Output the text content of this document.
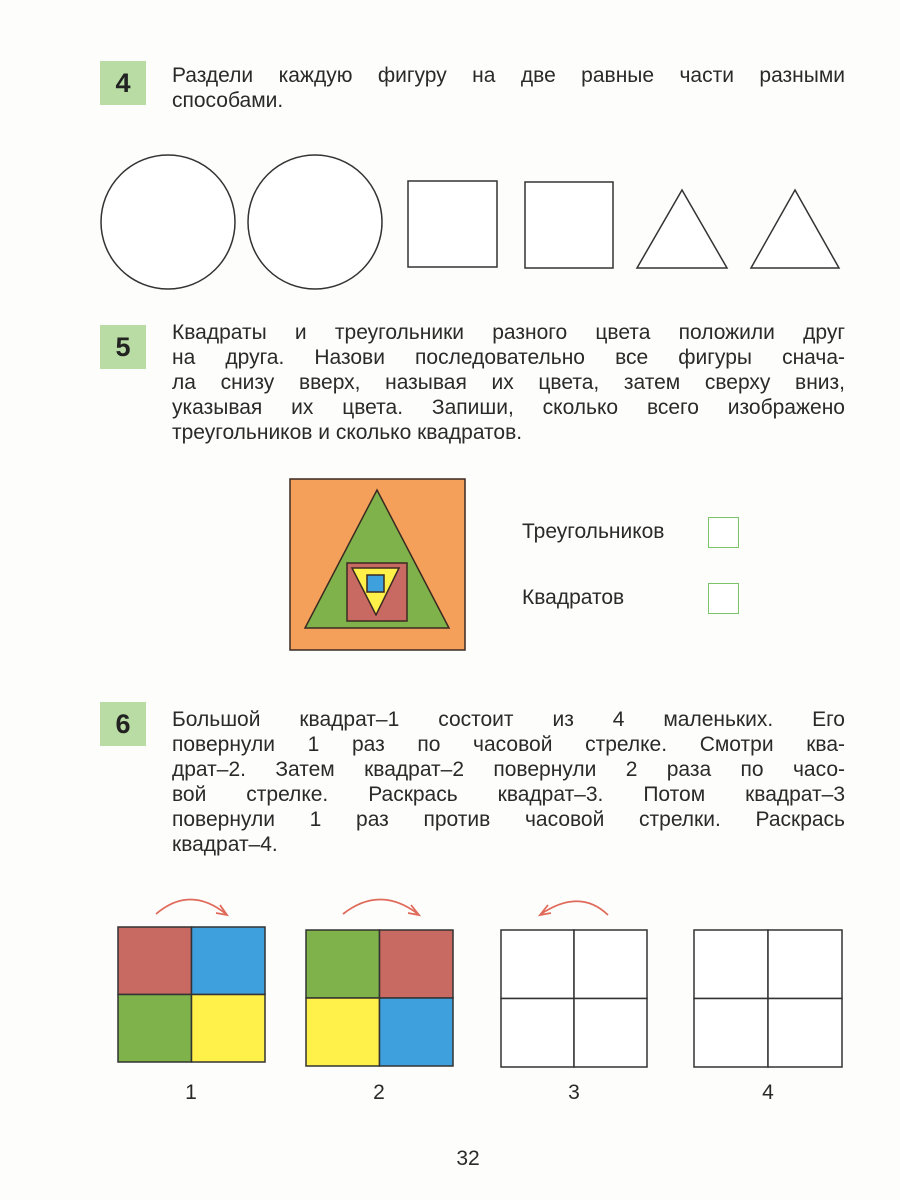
4	Раздели каждую фигуру на две равные части разными
способами.
5	Квадраты и треугольники разного цвета положили друг
на друга. Назови последовательно все фигуры снача-
ла снизу вверх, называя их цвета, затем сверху вниз,
указывая их цвета. Запиши, сколько всего изображено
треугольников и сколько квадратов.
Треугольников
Квадратов
6	Большой квадрат–1 состоит из 4 маленьких. Его
повернули 1 раз по часовой стрелке. Смотри ква-
драт–2. Затем квадрат–2 повернули 2 раза по часо-
вой стрелке. Раскрась квадрат–3. Потом квадрат–3
повернули 1 раз против часовой стрелки. Раскрась
квадрат–4.
1	2	3	4
32
